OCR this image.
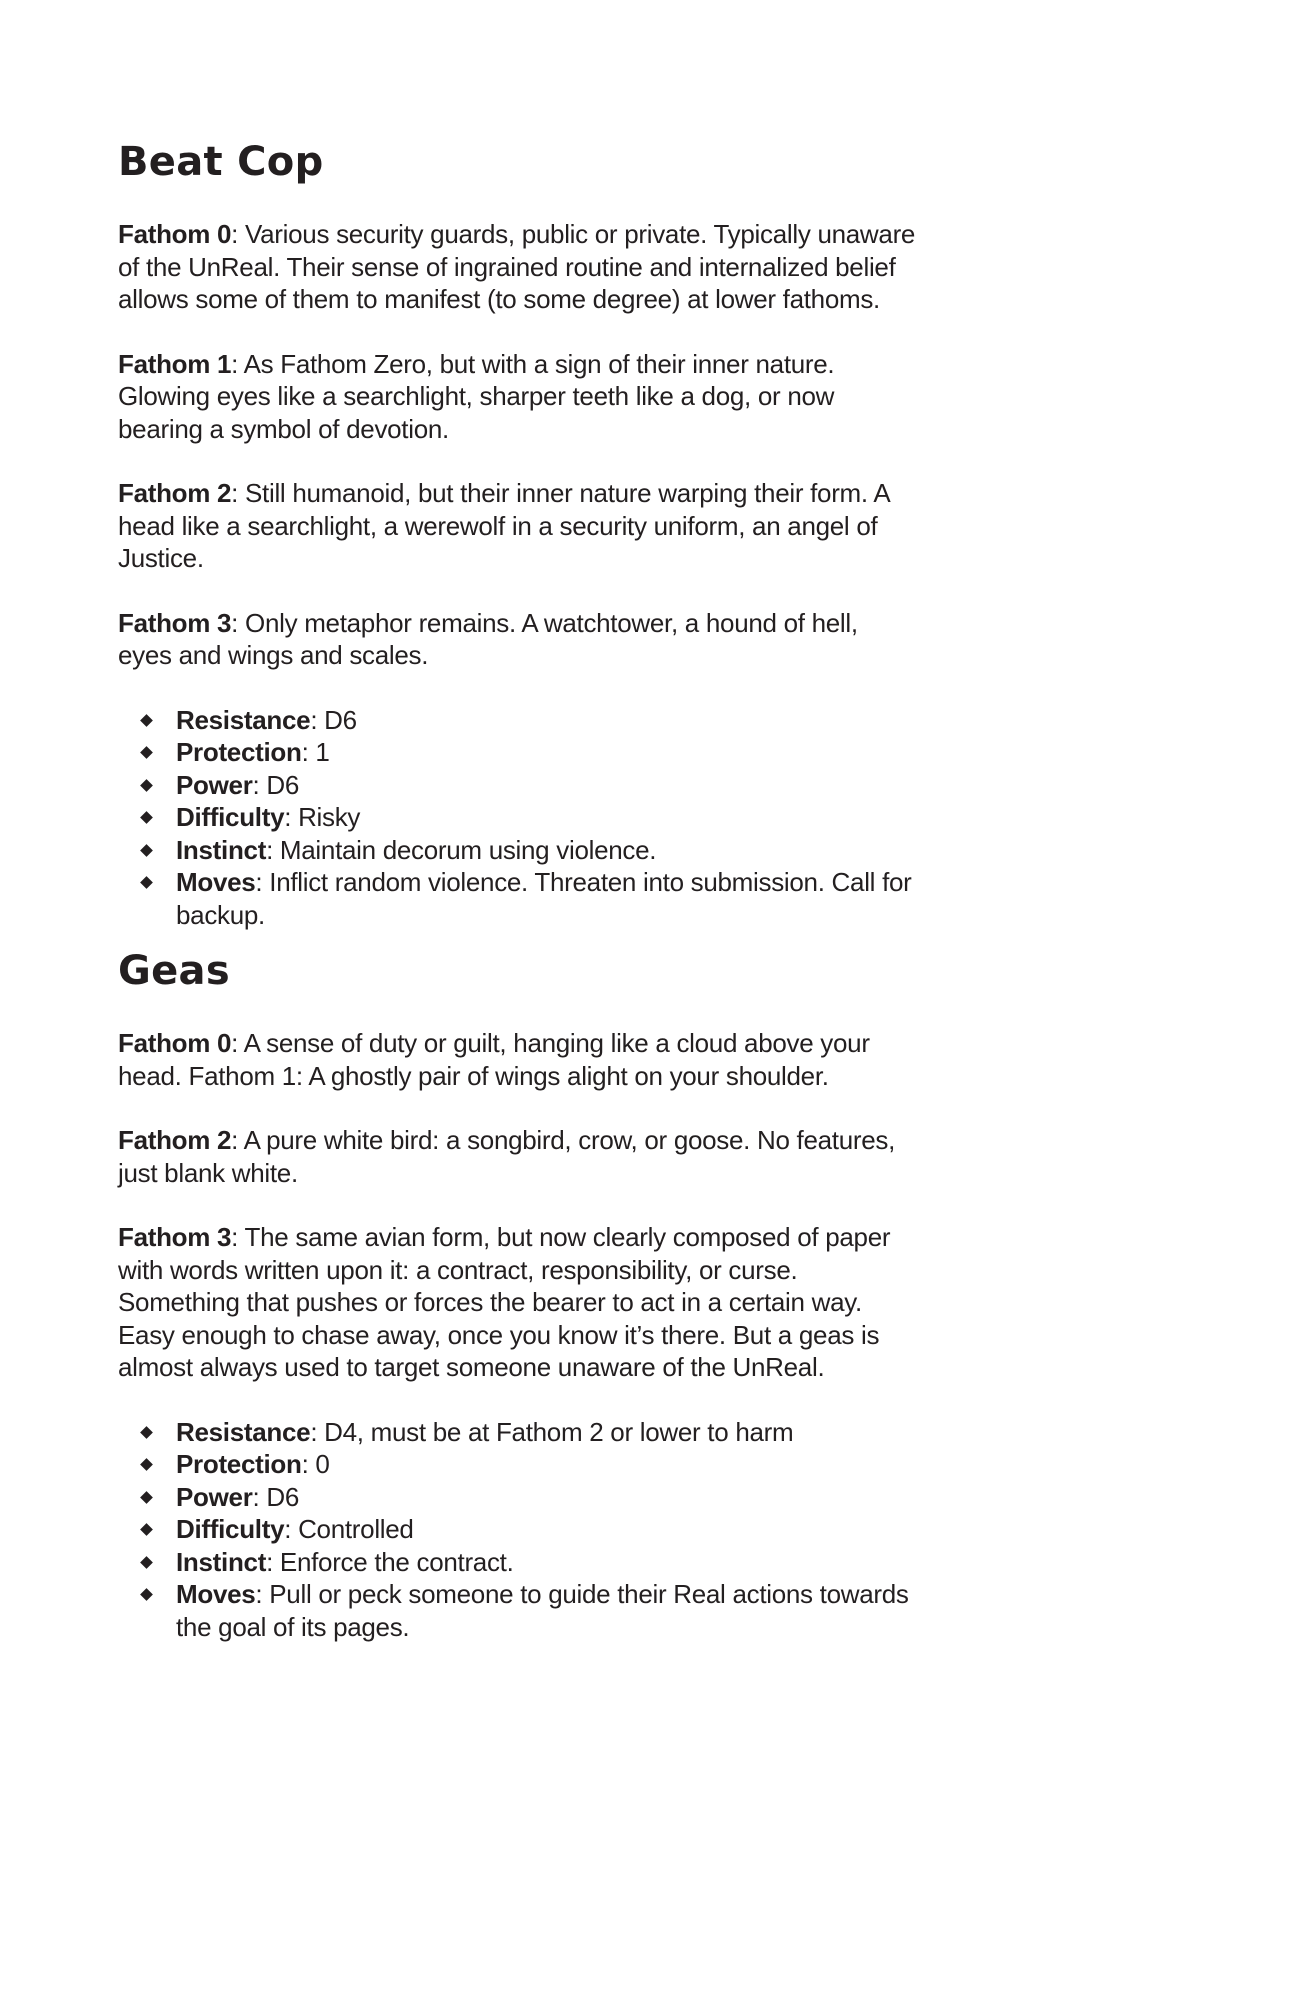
Beat Cop

Fathom 0: Various security guards, public or private. Typically unaware of the UnReal. Their sense of ingrained routine and internalized belief allows some of them to manifest (to some degree) at lower fathoms.

Fathom 1: As Fathom Zero, but with a sign of their inner nature. Glowing eyes like a searchlight, sharper teeth like a dog, or now bearing a symbol of devotion.

Fathom 2: Still humanoid, but their inner nature warping their form. A head like a searchlight, a werewolf in a security uniform, an angel of Justice.

Fathom 3: Only metaphor remains. A watchtower, a hound of hell, eyes and wings and scales.

Resistance: D6
Protection: 1
Power: D6
Difficulty: Risky
Instinct: Maintain decorum using violence.
Moves: Inflict random violence. Threaten into submission. Call for backup.
Geas

Fathom 0: A sense of duty or guilt, hanging like a cloud above your head. Fathom 1: A ghostly pair of wings alight on your shoulder.

Fathom 2: A pure white bird: a songbird, crow, or goose. No features, just blank white.

Fathom 3: The same avian form, but now clearly composed of paper with words written upon it: a contract, responsibility, or curse. Something that pushes or forces the bearer to act in a certain way. Easy enough to chase away, once you know it’s there. But a geas is almost always used to target someone unaware of the UnReal.

Resistance: D4, must be at Fathom 2 or lower to harm
Protection: 0
Power: D6
Difficulty: Controlled
Instinct: Enforce the contract.
Moves: Pull or peck someone to guide their Real actions towards the goal of its pages.
